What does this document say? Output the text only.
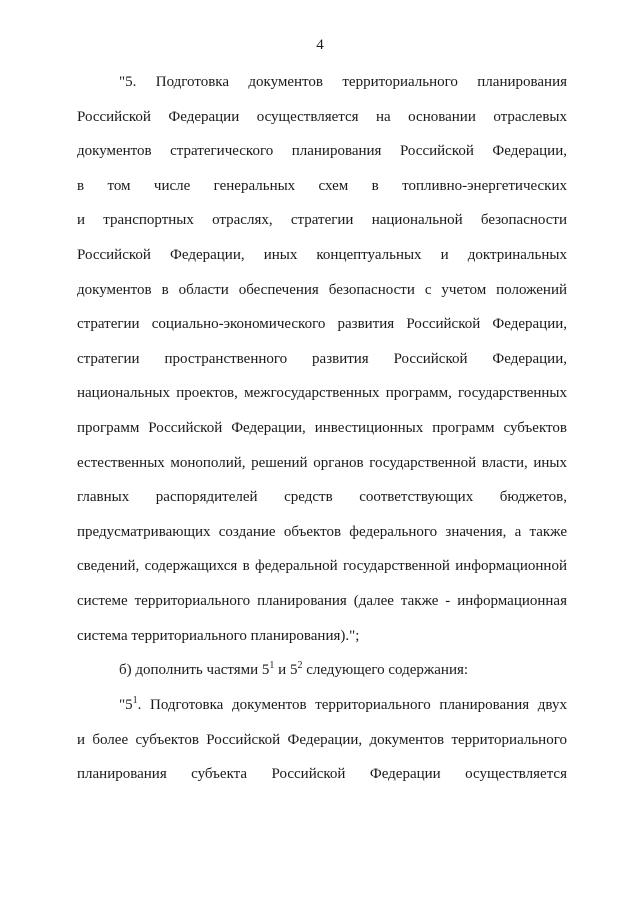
4
"5. Подготовка документов территориального планирования
Российской Федерации осуществляется на основании отраслевых
документов стратегического планирования Российской Федерации,
в том числе генеральных схем в топливно-энергетических
и транспортных отраслях, стратегии национальной безопасности
Российской Федерации, иных концептуальных и доктринальных
документов в области обеспечения безопасности с учетом положений
стратегии социально-экономического развития Российской Федерации,
стратегии пространственного развития Российской Федерации,
национальных проектов, межгосударственных программ, государственных
программ Российской Федерации, инвестиционных программ субъектов
естественных монополий, решений органов государственной власти, иных
главных распорядителей средств соответствующих бюджетов,
предусматривающих создание объектов федерального значения, а также
сведений, содержащихся в федеральной государственной информационной
системе территориального планирования (далее также - информационная
система территориального планирования).";
б) дополнить частями $5^1$ и $5^2$ следующего содержания:
"$5^1$. Подготовка документов территориального планирования двух
и более субъектов Российской Федерации, документов территориального
планирования субъекта Российской Федерации осуществляется
